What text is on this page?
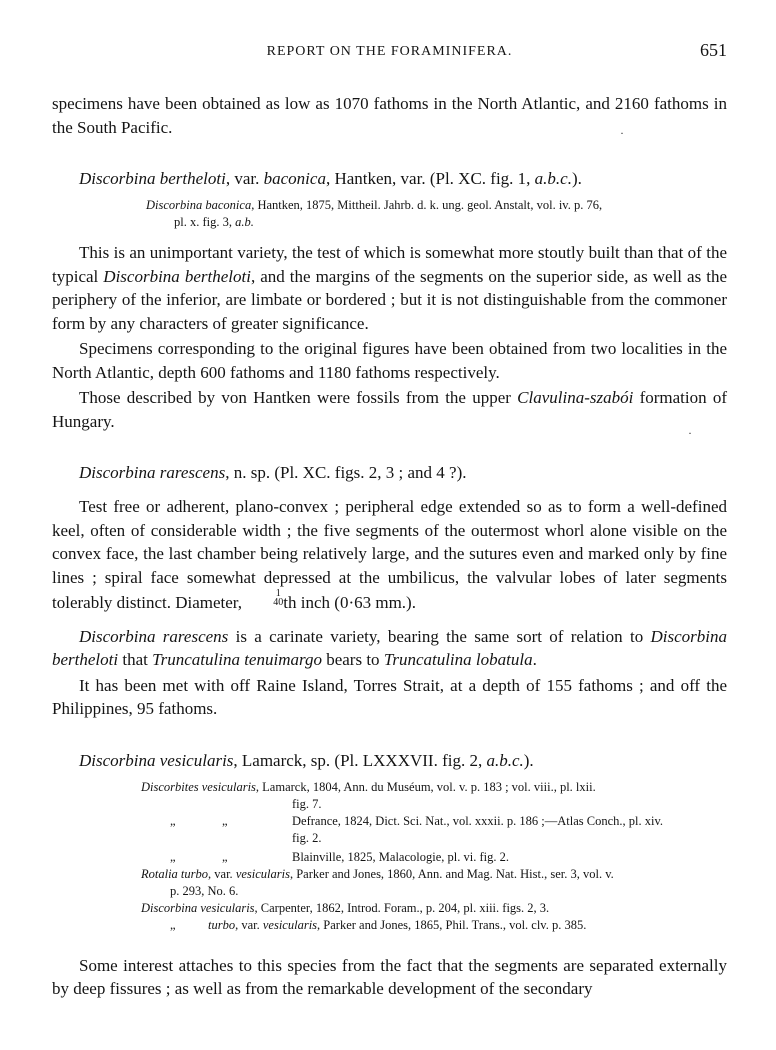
REPORT ON THE FORAMINIFERA.	651

specimens have been obtained as low as 1070 fathoms in the North Atlantic, and 2160 fathoms in the South Pacific.

Discorbina bertheloti, var. baconica, Hantken, var. (Pl. XC. fig. 1, a.b.c.).
Discorbina baconica, Hantken, 1875, Mittheil. Jahrb. d. k. ung. geol. Anstalt, vol. iv. p. 76,
pl. x. fig. 3, a.b.

This is an unimportant variety, the test of which is somewhat more stoutly built than that of the typical Discorbina bertheloti, and the margins of the segments on the superior side, as well as the periphery of the inferior, are limbate or bordered ; but it is not distinguishable from the commoner form by any characters of greater significance.

Specimens corresponding to the original figures have been obtained from two localities in the North Atlantic, depth 600 fathoms and 1180 fathoms respectively.

Those described by von Hantken were fossils from the upper Clavulina-szabói formation of Hungary.

Discorbina rarescens, n. sp. (Pl. XC. figs. 2, 3 ; and 4 ?).

Test free or adherent, plano-convex ; peripheral edge extended so as to form a well-defined keel, often of considerable width ; the five segments of the outermost whorl alone visible on the convex face, the last chamber being relatively large, and the sutures even and marked only by fine lines ; spiral face somewhat depressed at the umbilicus, the valvular lobes of later segments tolerably distinct. Diameter,	1
40 th inch (0·63 mm.).

Discorbina rarescens is a carinate variety, bearing the same sort of relation to Discorbina bertheloti that Truncatulina tenuimargo bears to Truncatulina lobatula.

It has been met with off Raine Island, Torres Strait, at a depth of 155 fathoms ; and off the Philippines, 95 fathoms.

Discorbina vesicularis, Lamarck, sp. (Pl. LXXXVII. fig. 2, a.b.c.).
Discorbites vesicularis, Lamarck, 1804, Ann. du Muséum, vol. v. p. 183 ; vol. viii., pl. lxii.
fig. 7.
„	„	Defrance, 1824, Dict. Sci. Nat., vol. xxxii. p. 186 ;—Atlas Conch., pl. xiv.
fig. 2.
„	„	Blainville, 1825, Malacologie, pl. vi. fig. 2.
Rotalia turbo, var. vesicularis, Parker and Jones, 1860, Ann. and Mag. Nat. Hist., ser. 3, vol. v.
p. 293, No. 6.
Discorbina vesicularis, Carpenter, 1862, Introd. Foram., p. 204, pl. xiii. figs. 2, 3.
„	turbo, var. vesicularis, Parker and Jones, 1865, Phil. Trans., vol. clv. p. 385.

Some interest attaches to this species from the fact that the segments are separated externally by deep fissures ; as well as from the remarkable development of the secondary

·
·
